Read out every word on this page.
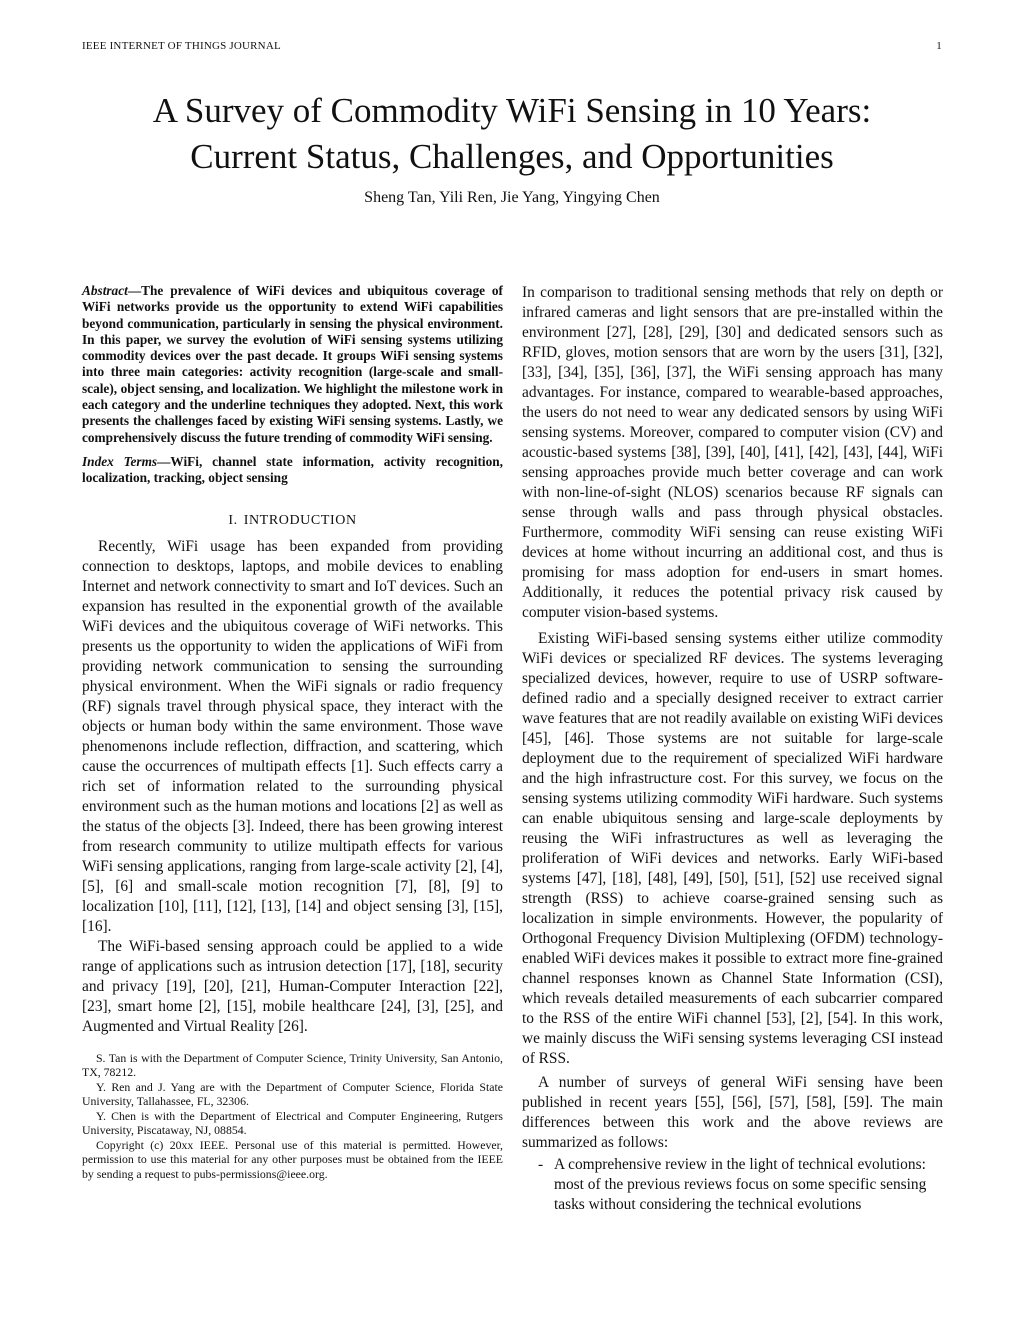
IEEE INTERNET OF THINGS JOURNAL	1
A Survey of Commodity WiFi Sensing in 10 Years:
Current Status, Challenges, and Opportunities
Sheng Tan, Yili Ren, Jie Yang, Yingying Chen

Abstract—The prevalence of WiFi devices and ubiquitous coverage of WiFi networks provide us the opportunity to extend WiFi capabilities beyond communication, particularly in sensing the physical environment. In this paper, we survey the evolution of WiFi sensing systems utilizing commodity devices over the past decade. It groups WiFi sensing systems into three main categories: activity recognition (large-scale and small-scale), object sensing, and localization. We highlight the milestone work in each category and the underline techniques they adopted. Next, this work presents the challenges faced by existing WiFi sensing systems. Lastly, we comprehensively discuss the future trending of commodity WiFi sensing.

Index Terms—WiFi, channel state information, activity recognition, localization, tracking, object sensing

I. INTRODUCTION

Recently, WiFi usage has been expanded from providing connection to desktops, laptops, and mobile devices to enabling Internet and network connectivity to smart and IoT devices. Such an expansion has resulted in the exponential growth of the available WiFi devices and the ubiquitous coverage of WiFi networks. This presents us the opportunity to widen the applications of WiFi from providing network communication to sensing the surrounding physical environment. When the WiFi signals or radio frequency (RF) signals travel through physical space, they interact with the objects or human body within the same environment. Those wave phenomenons include reflection, diffraction, and scattering, which cause the occurrences of multipath effects [1]. Such effects carry a rich set of information related to the surrounding physical environment such as the human motions and locations [2] as well as the status of the objects [3]. Indeed, there has been growing interest from research community to utilize multipath effects for various WiFi sensing applications, ranging from large-scale activity [2], [4], [5], [6] and small-scale motion recognition [7], [8], [9] to localization [10], [11], [12], [13], [14] and object sensing [3], [15], [16].

The WiFi-based sensing approach could be applied to a wide range of applications such as intrusion detection [17], [18], security and privacy [19], [20], [21], Human-Computer Interaction [22], [23], smart home [2], [15], mobile healthcare [24], [3], [25], and Augmented and Virtual Reality [26].

S. Tan is with the Department of Computer Science, Trinity University, San Antonio, TX, 78212.

Y. Ren and J. Yang are with the Department of Computer Science, Florida State University, Tallahassee, FL, 32306.

Y. Chen is with the Department of Electrical and Computer Engineering, Rutgers University, Piscataway, NJ, 08854.

Copyright (c) 20xx IEEE. Personal use of this material is permitted. However, permission to use this material for any other purposes must be obtained from the IEEE by sending a request to pubs-permissions@ieee.org.

In comparison to traditional sensing methods that rely on depth or infrared cameras and light sensors that are pre-installed within the environment [27], [28], [29], [30] and dedicated sensors such as RFID, gloves, motion sensors that are worn by the users [31], [32], [33], [34], [35], [36], [37], the WiFi sensing approach has many advantages. For instance, compared to wearable-based approaches, the users do not need to wear any dedicated sensors by using WiFi sensing systems. Moreover, compared to computer vision (CV) and acoustic-based systems [38], [39], [40], [41], [42], [43], [44], WiFi sensing approaches provide much better coverage and can work with non-line-of-sight (NLOS) scenarios because RF signals can sense through walls and pass through physical obstacles. Furthermore, commodity WiFi sensing can reuse existing WiFi devices at home without incurring an additional cost, and thus is promising for mass adoption for end-users in smart homes. Additionally, it reduces the potential privacy risk caused by computer vision-based systems.

Existing WiFi-based sensing systems either utilize commodity WiFi devices or specialized RF devices. The systems leveraging specialized devices, however, require to use of USRP software-defined radio and a specially designed receiver to extract carrier wave features that are not readily available on existing WiFi devices [45], [46]. Those systems are not suitable for large-scale deployment due to the requirement of specialized WiFi hardware and the high infrastructure cost. For this survey, we focus on the sensing systems utilizing commodity WiFi hardware. Such systems can enable ubiquitous sensing and large-scale deployments by reusing the WiFi infrastructures as well as leveraging the proliferation of WiFi devices and networks. Early WiFi-based systems [47], [18], [48], [49], [50], [51], [52] use received signal strength (RSS) to achieve coarse-grained sensing such as localization in simple environments. However, the popularity of Orthogonal Frequency Division Multiplexing (OFDM) technology-enabled WiFi devices makes it possible to extract more fine-grained channel responses known as Channel State Information (CSI), which reveals detailed measurements of each subcarrier compared to the RSS of the entire WiFi channel [53], [2], [54]. In this work, we mainly discuss the WiFi sensing systems leveraging CSI instead of RSS.

A number of surveys of general WiFi sensing have been published in recent years [55], [56], [57], [58], [59]. The main differences between this work and the above reviews are summarized as follows:

- A comprehensive review in the light of technical evolutions: most of the previous reviews focus on some specific sensing tasks without considering the technical evolutions
